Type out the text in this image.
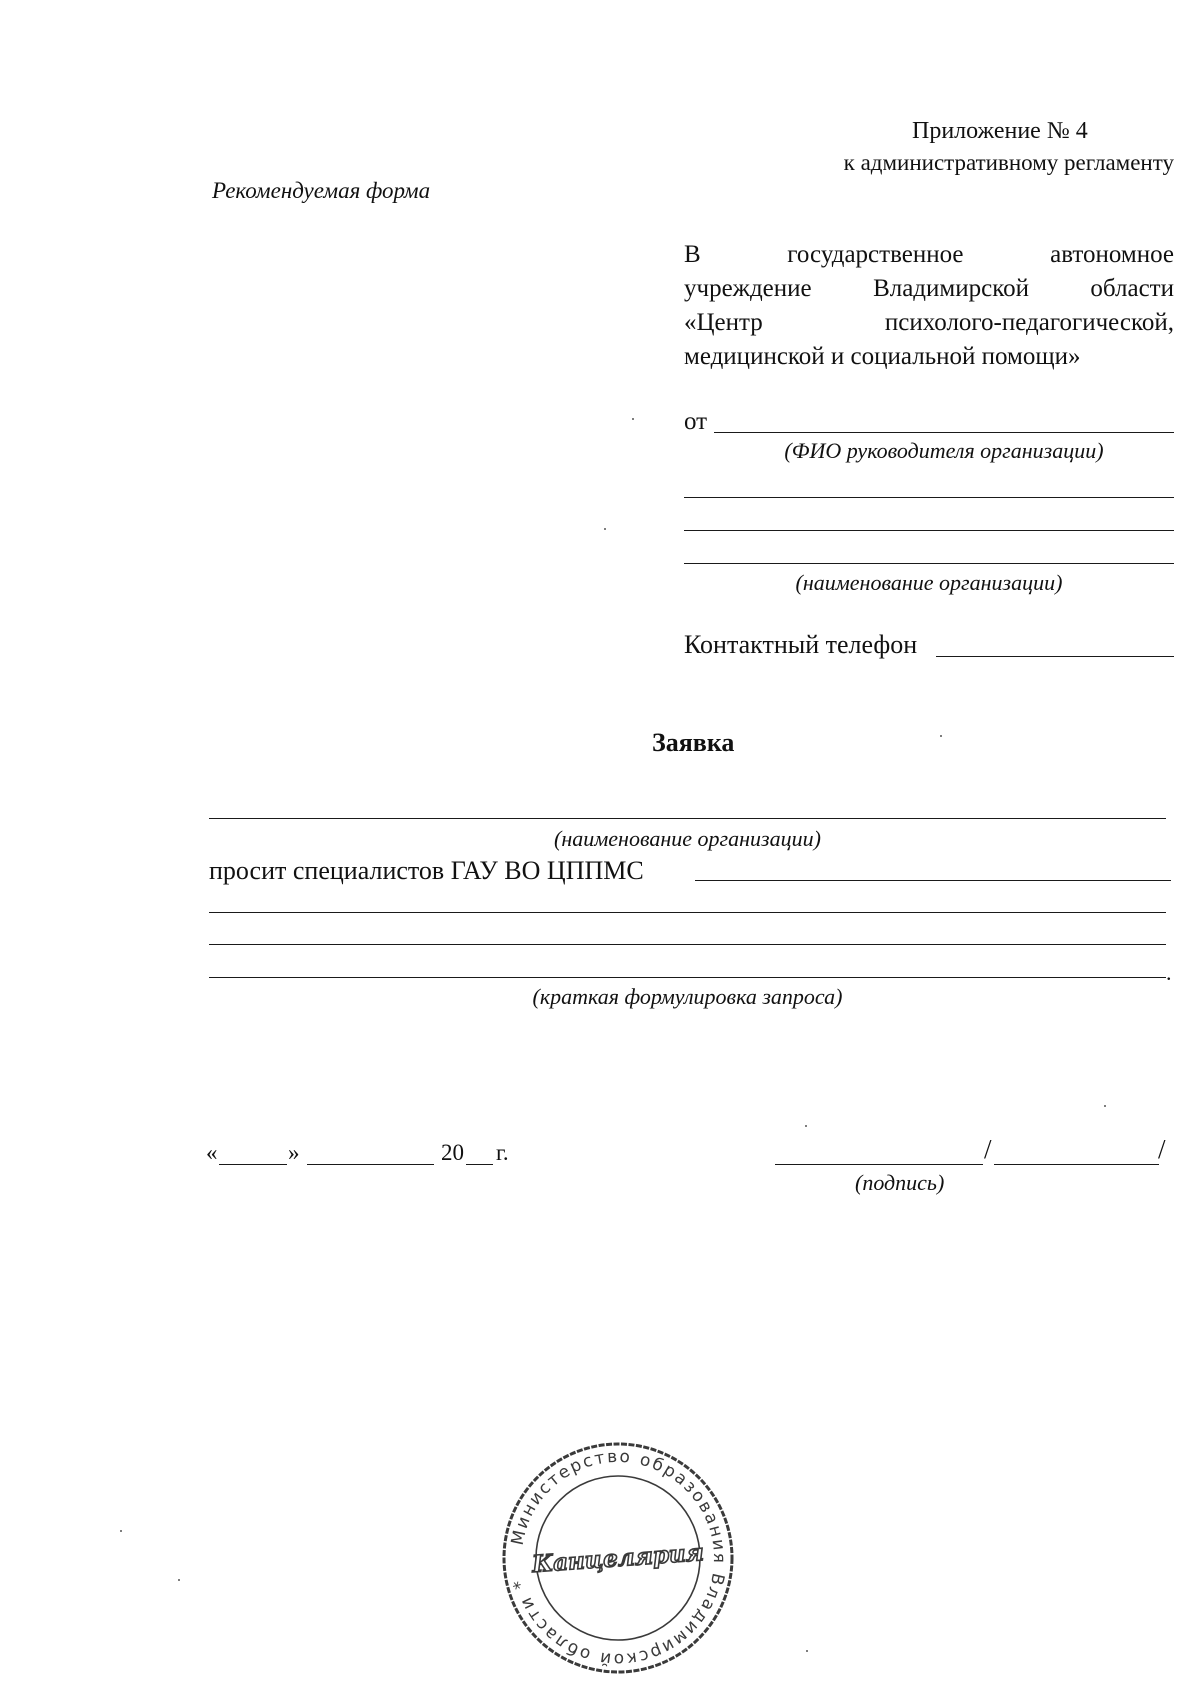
Приложение № 4
к административному регламенту
Рекомендуемая форма
В	государственное	автономное
учреждение Владимирской области
«Центр	психолого-педагогической,
медицинской и социальной помощи»
от
(ФИО руководителя организации)
(наименование организации)
Контактный телефон
Заявка
(наименование организации)
просит специалистов ГАУ ВО ЦППМС
.
(краткая формулировка запроса)
«	»	20 г.	/	/
(подпись)
Министерство образования Владимирской области *
Канцелярия
